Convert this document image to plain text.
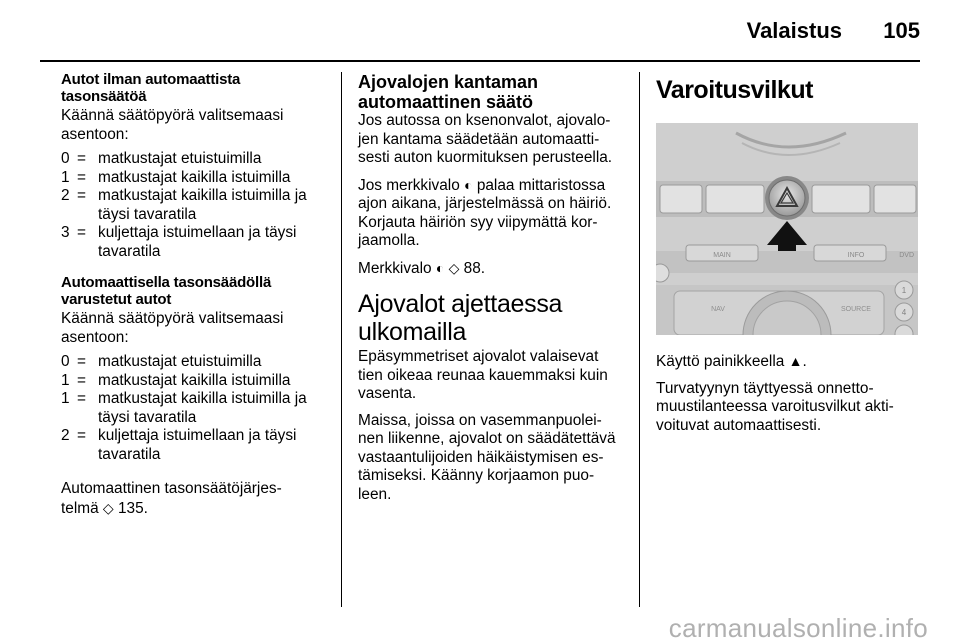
Valaistus 105
Autot ilman automaattista
tasonsäätöä

Käännä säätöpyörä valitsemaasi
asentoon:

0 = matkustajat etuistuimilla
1 = matkustajat kaikilla istuimilla
2 = matkustajat kaikilla istuimilla ja
täysi tavaratila
3 = kuljettaja istuimellaan ja täysi
tavaratila
Automaattisella tasonsäädöllä
varustetut autot

Käännä säätöpyörä valitsemaasi
asentoon:

0 = matkustajat etuistuimilla
1 = matkustajat kaikilla istuimilla
1 = matkustajat kaikilla istuimilla ja
täysi tavaratila
2 = kuljettaja istuimellaan ja täysi
tavaratila

Automaattinen tasonsäätöjärjes-
telmä ◇ 135.

Ajovalojen kantaman
automaattinen säätö

Jos autossa on ksenonvalot, ajovalo-
jen kantama säädetään automaatti-
sesti auton kuormituksen perusteella.

Jos merkkivalo ◐ palaa mittaristossa
ajon aikana, järjestelmässä on häiriö.
Korjauta häiriön syy viipymättä kor-
jaamolla.

Merkkivalo ◐ ◇ 88.

Ajovalot ajettaessa
ulkomailla

Epäsymmetriset ajovalot valaisevat
tien oikeaa reunaa kauemmaksi kuin
vasenta.

Maissa, joissa on vasemmanpuolei-
nen liikenne, ajovalot on säädätettävä
vastaantulijoiden häikäistymisen es-
tämiseksi. Käänny korjaamon puo-
leen.

Varoitusvilkut
MAIN	INFO	DVD
NAV	SOURCE
1
4

Käyttö painikkeella ▲.

Turvatyynyn täyttyessä onnetto-
muustilanteessa varoitusvilkut akti-
voituvat automaattisesti.

carmanualsonline.info
